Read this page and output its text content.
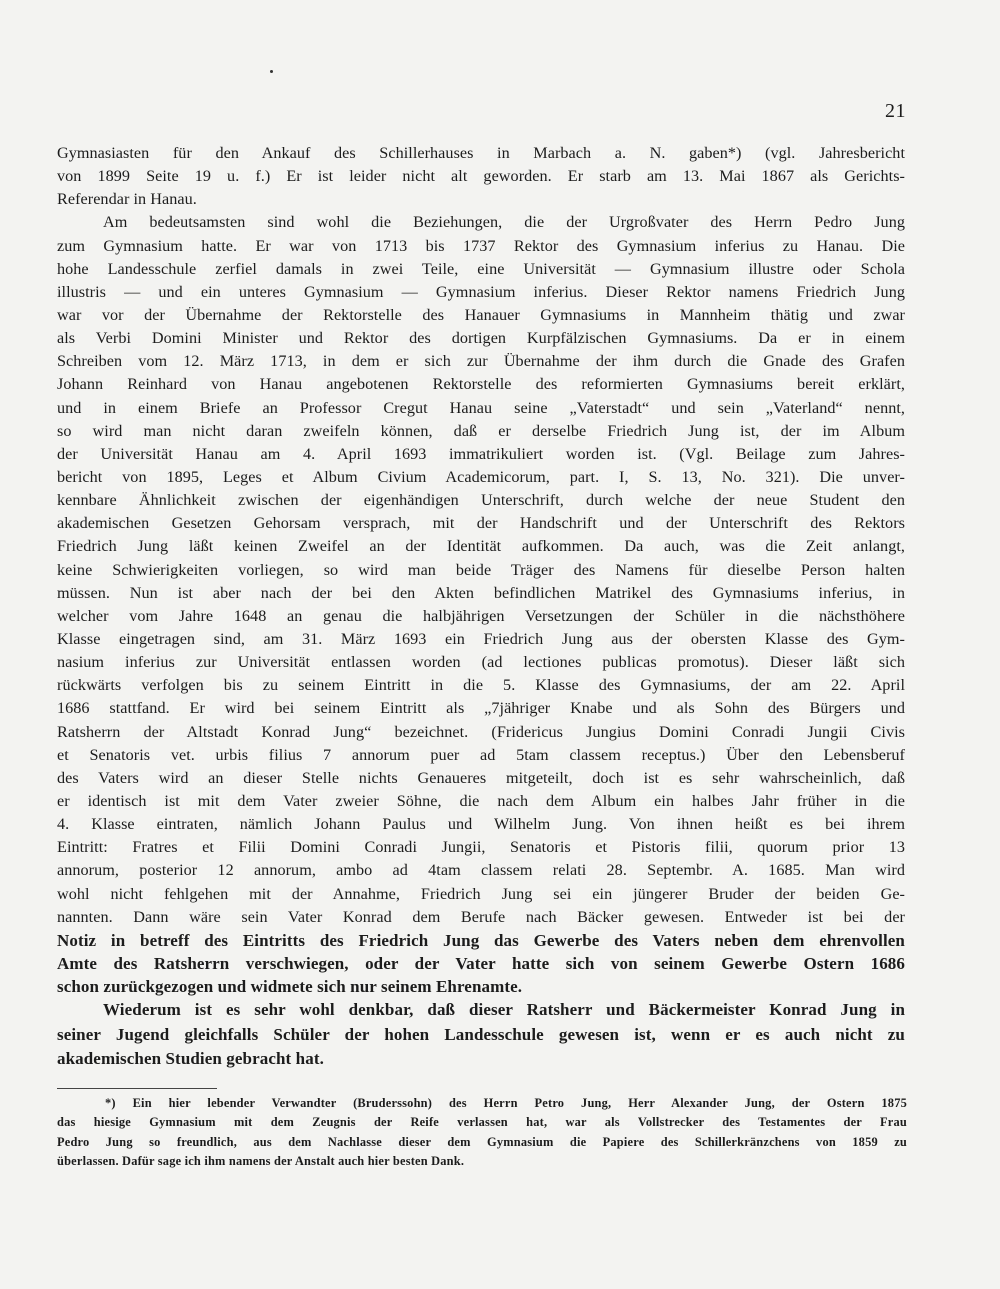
21
Gymnasiasten für den Ankauf des Schillerhauses in Marbach a. N. gaben*) (vgl. Jahresbericht
von 1899 Seite 19 u. f.) Er ist leider nicht alt geworden. Er starb am 13. Mai 1867 als Gerichts-
Referendar in Hanau.
Am bedeutsamsten sind wohl die Beziehungen, die der Urgroßvater des Herrn Pedro Jung
zum Gymnasium hatte. Er war von 1713 bis 1737 Rektor des Gymnasium inferius zu Hanau. Die
hohe Landesschule zerfiel damals in zwei Teile, eine Universität — Gymnasium illustre oder Schola
illustris — und ein unteres Gymnasium — Gymnasium inferius. Dieser Rektor namens Friedrich Jung
war vor der Übernahme der Rektorstelle des Hanauer Gymnasiums in Mannheim thätig und zwar
als Verbi Domini Minister und Rektor des dortigen Kurpfälzischen Gymnasiums. Da er in einem
Schreiben vom 12. März 1713, in dem er sich zur Übernahme der ihm durch die Gnade des Grafen
Johann Reinhard von Hanau angebotenen Rektorstelle des reformierten Gymnasiums bereit erklärt,
und in einem Briefe an Professor Cregut Hanau seine „Vaterstadt“ und sein „Vaterland“ nennt,
so wird man nicht daran zweifeln können, daß er derselbe Friedrich Jung ist, der im Album
der Universität Hanau am 4. April 1693 immatrikuliert worden ist. (Vgl. Beilage zum Jahres-
bericht von 1895, Leges et Album Civium Academicorum, part. I, S. 13, No. 321). Die unver-
kennbare Ähnlichkeit zwischen der eigenhändigen Unterschrift, durch welche der neue Student den
akademischen Gesetzen Gehorsam versprach, mit der Handschrift und der Unterschrift des Rektors
Friedrich Jung läßt keinen Zweifel an der Identität aufkommen. Da auch, was die Zeit anlangt,
keine Schwierigkeiten vorliegen, so wird man beide Träger des Namens für dieselbe Person halten
müssen. Nun ist aber nach der bei den Akten befindlichen Matrikel des Gymnasiums inferius, in
welcher vom Jahre 1648 an genau die halbjährigen Versetzungen der Schüler in die nächsthöhere
Klasse eingetragen sind, am 31. März 1693 ein Friedrich Jung aus der obersten Klasse des Gym-
nasium inferius zur Universität entlassen worden (ad lectiones publicas promotus). Dieser läßt sich
rückwärts verfolgen bis zu seinem Eintritt in die 5. Klasse des Gymnasiums, der am 22. April
1686 stattfand. Er wird bei seinem Eintritt als „7jähriger Knabe und als Sohn des Bürgers und
Ratsherrn der Altstadt Konrad Jung“ bezeichnet. (Fridericus Jungius Domini Conradi Jungii Civis
et Senatoris vet. urbis filius 7 annorum puer ad 5tam classem receptus.) Über den Lebensberuf
des Vaters wird an dieser Stelle nichts Genaueres mitgeteilt, doch ist es sehr wahrscheinlich, daß
er identisch ist mit dem Vater zweier Söhne, die nach dem Album ein halbes Jahr früher in die
4. Klasse eintraten, nämlich Johann Paulus und Wilhelm Jung. Von ihnen heißt es bei ihrem
Eintritt: Fratres et Filii Domini Conradi Jungii, Senatoris et Pistoris filii, quorum prior 13
annorum, posterior 12 annorum, ambo ad 4tam classem relati 28. Septembr. A. 1685. Man wird
wohl nicht fehlgehen mit der Annahme, Friedrich Jung sei ein jüngerer Bruder der beiden Ge-
nannten. Dann wäre sein Vater Konrad dem Berufe nach Bäcker gewesen. Entweder ist bei der
Notiz in betreff des Eintritts des Friedrich Jung das Gewerbe des Vaters neben dem ehrenvollen
Amte des Ratsherrn verschwiegen, oder der Vater hatte sich von seinem Gewerbe Ostern 1686
schon zurückgezogen und widmete sich nur seinem Ehrenamte.
Wiederum ist es sehr wohl denkbar, daß dieser Ratsherr und Bäckermeister Konrad Jung in
seiner Jugend gleichfalls Schüler der hohen Landesschule gewesen ist, wenn er es auch nicht zu
akademischen Studien gebracht hat.
*) Ein hier lebender Verwandter (Bruderssohn) des Herrn Petro Jung, Herr Alexander Jung, der Ostern 1875
das hiesige Gymnasium mit dem Zeugnis der Reife verlassen hat, war als Vollstrecker des Testamentes der Frau
Pedro Jung so freundlich, aus dem Nachlasse dieser dem Gymnasium die Papiere des Schillerkränzchens von 1859 zu
überlassen. Dafür sage ich ihm namens der Anstalt auch hier besten Dank.
